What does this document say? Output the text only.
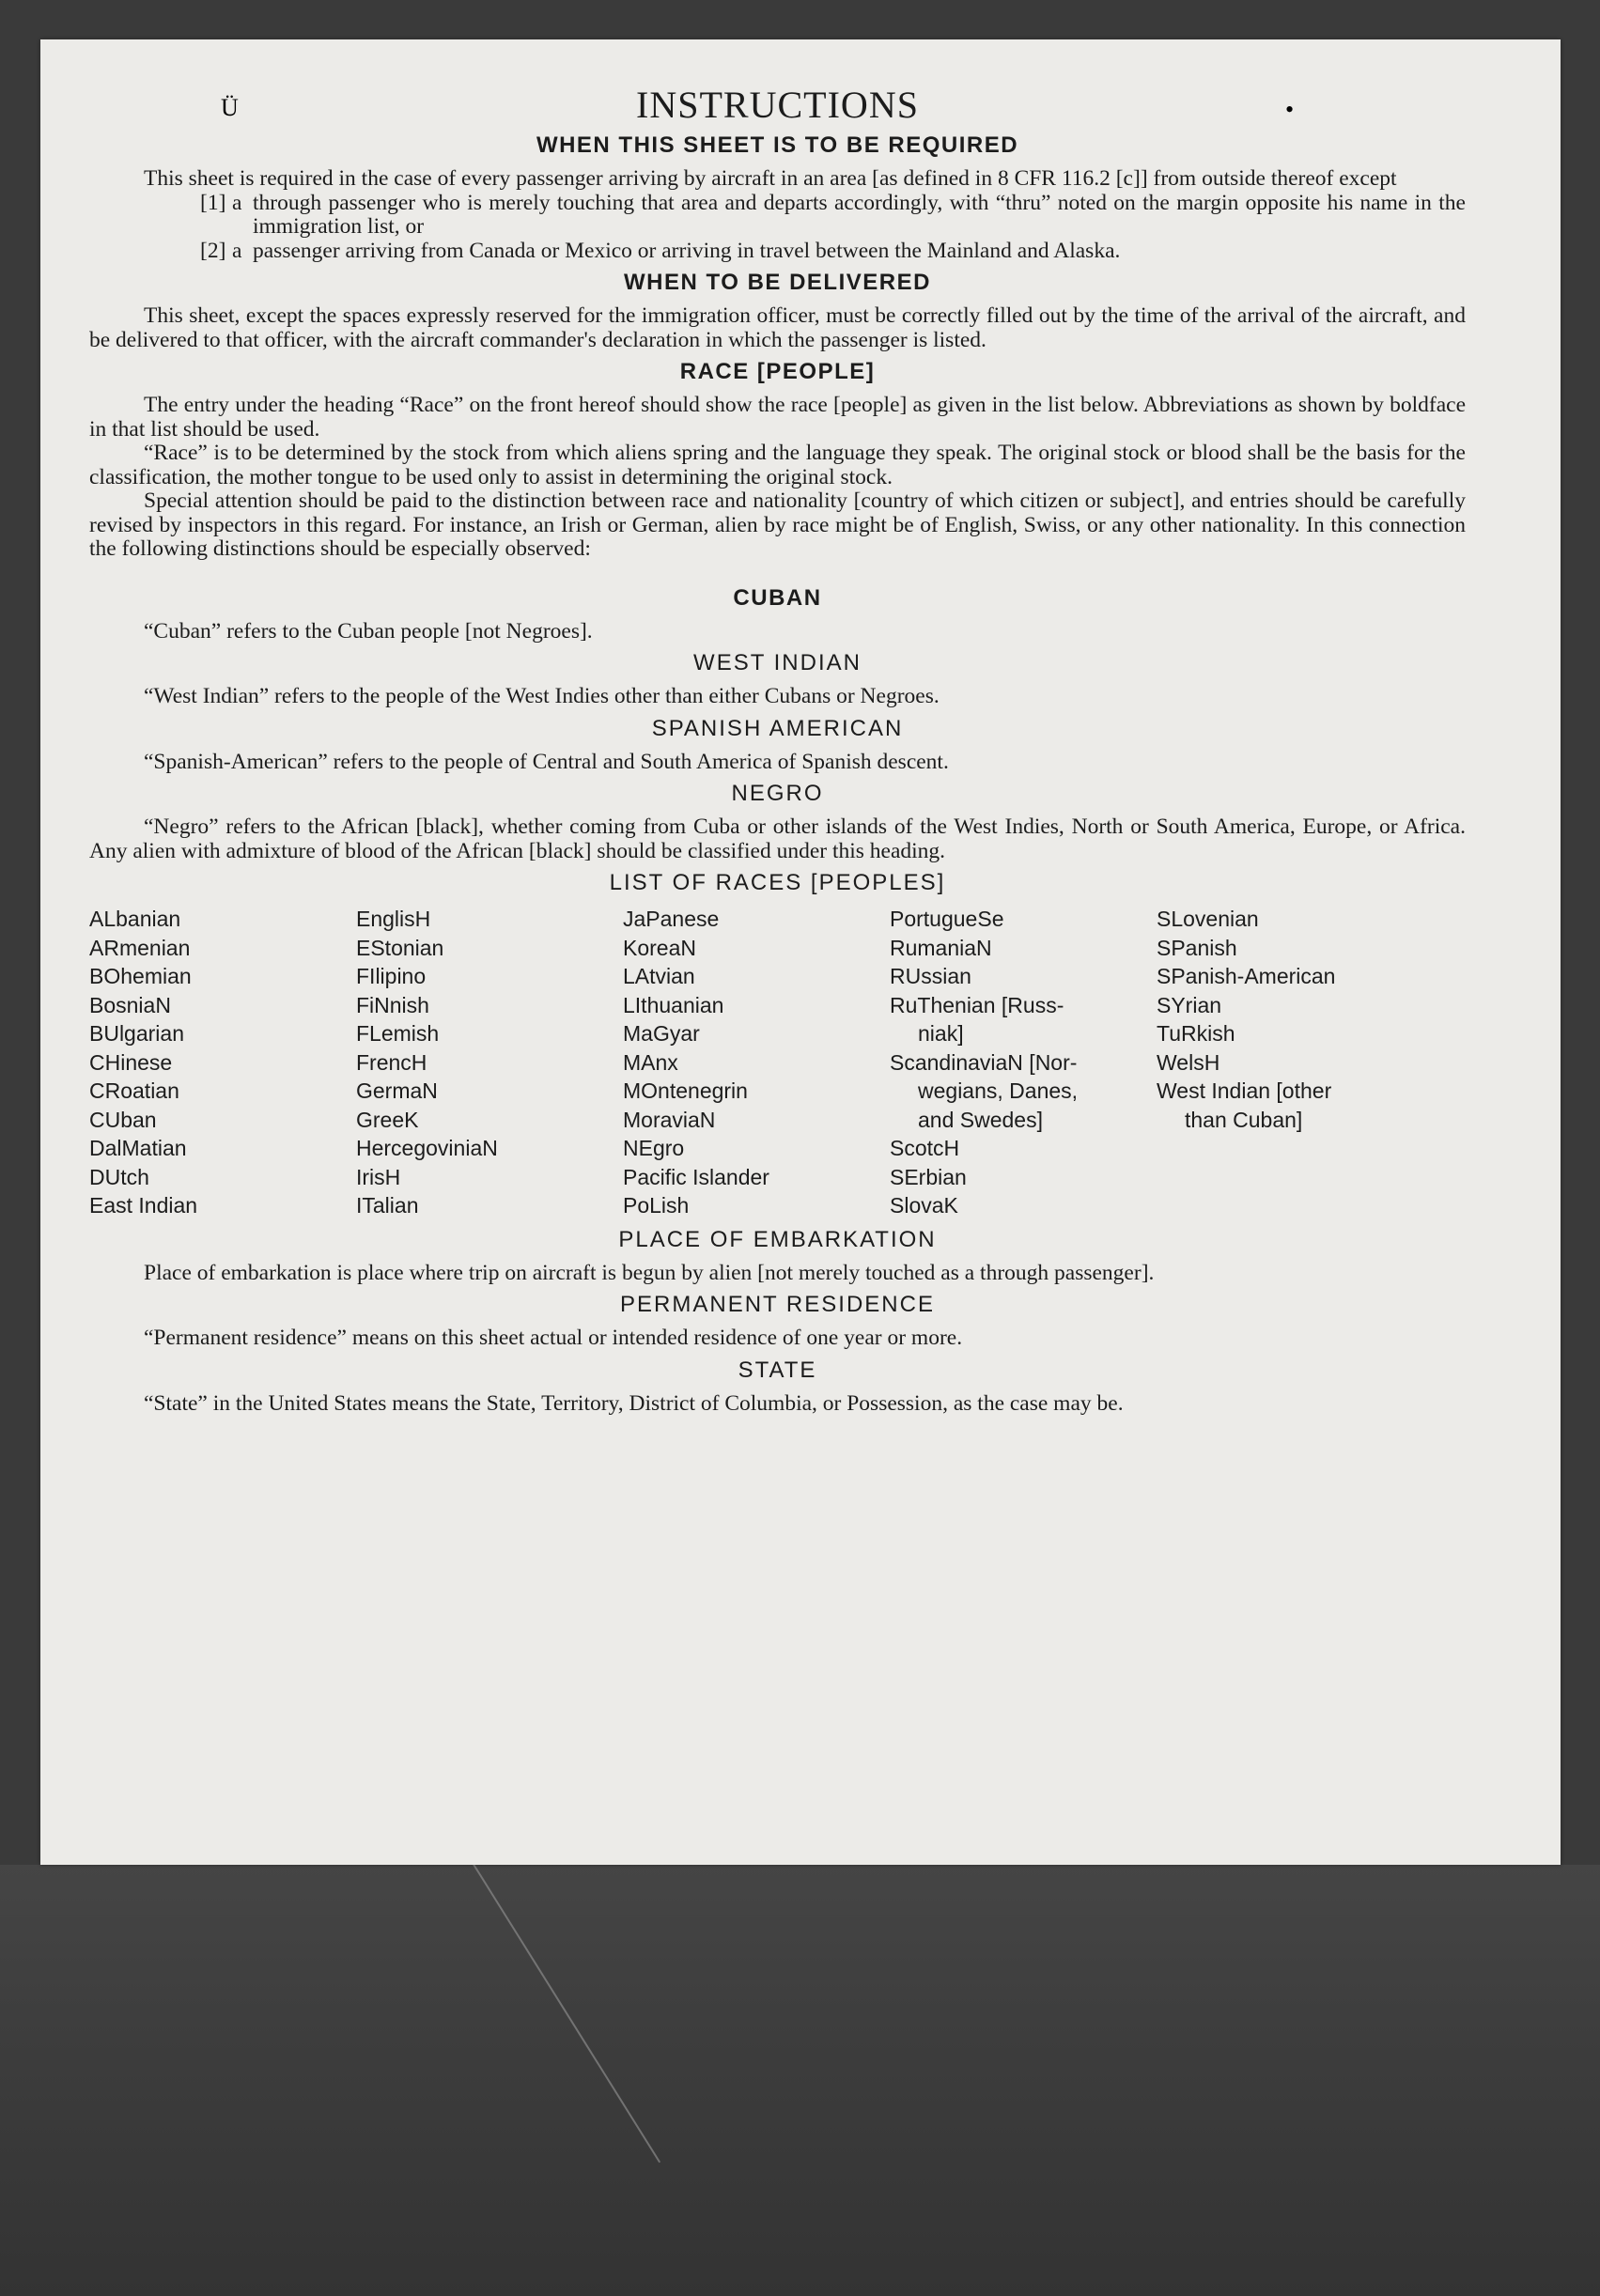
Ü	•
INSTRUCTIONS
WHEN THIS SHEET IS TO BE REQUIRED

This sheet is required in the case of every passenger arriving by aircraft in an area [as defined in 8 CFR 116.2 [c]] from outside thereof except

[1] a through passenger who is merely touching that area and departs accordingly, with “thru” noted on the margin opposite his name in the immigration list, or
[2] a passenger arriving from Canada or Mexico or arriving in travel between the Mainland and Alaska.
WHEN TO BE DELIVERED

This sheet, except the spaces expressly reserved for the immigration officer, must be correctly filled out by the time of the arrival of the aircraft, and be delivered to that officer, with the aircraft commander's declaration in which the passenger is listed.

RACE [PEOPLE]

The entry under the heading “Race” on the front hereof should show the race [people] as given in the list below. Abbreviations as shown by boldface in that list should be used.

“Race” is to be determined by the stock from which aliens spring and the language they speak. The original stock or blood shall be the basis for the classification, the mother tongue to be used only to assist in determining the original stock.

Special attention should be paid to the distinction between race and nationality [country of which citizen or subject], and entries should be carefully revised by inspectors in this regard. For instance, an Irish or German, alien by race might be of English, Swiss, or any other nationality. In this connection the following distinctions should be especially observed:

CUBAN

“Cuban” refers to the Cuban people [not Negroes].

WEST INDIAN

“West Indian” refers to the people of the West Indies other than either Cubans or Negroes.

SPANISH AMERICAN

“Spanish-American” refers to the people of Central and South America of Spanish descent.

NEGRO

“Negro” refers to the African [black], whether coming from Cuba or other islands of the West Indies, North or South America, Europe, or Africa. Any alien with admixture of blood of the African [black] should be classified under this heading.

LIST OF RACES [PEOPLES]
ALbanian
ARmenian
BOhemian
BosniaN
BUlgarian
CHinese
CRoatian
CUban
DalMatian
DUtch
East Indian
EnglisH
EStonian
FIlipino
FiNnish
FLemish
FrencH
GermaN
GreeK
HercegoviniaN
IrisH
ITalian
JaPanese
KoreaN
LAtvian
LIthuanian
MaGyar
MAnx
MOntenegrin
MoraviaN
NEgro
Pacific Islander
PoLish
PortugueSe
RumaniaN
RUssian
RuThenian [Russ-
niak]
ScandinaviaN [Nor-
wegians, Danes,
and Swedes]
ScotcH
SErbian
SlovaK
SLovenian
SPanish
SPanish-American
SYrian
TuRkish
WelsH
West Indian [other
than Cuban]
PLACE OF EMBARKATION

Place of embarkation is place where trip on aircraft is begun by alien [not merely touched as a through passenger].

PERMANENT RESIDENCE

“Permanent residence” means on this sheet actual or intended residence of one year or more.

STATE

“State” in the United States means the State, Territory, District of Columbia, or Possession, as the case may be.
